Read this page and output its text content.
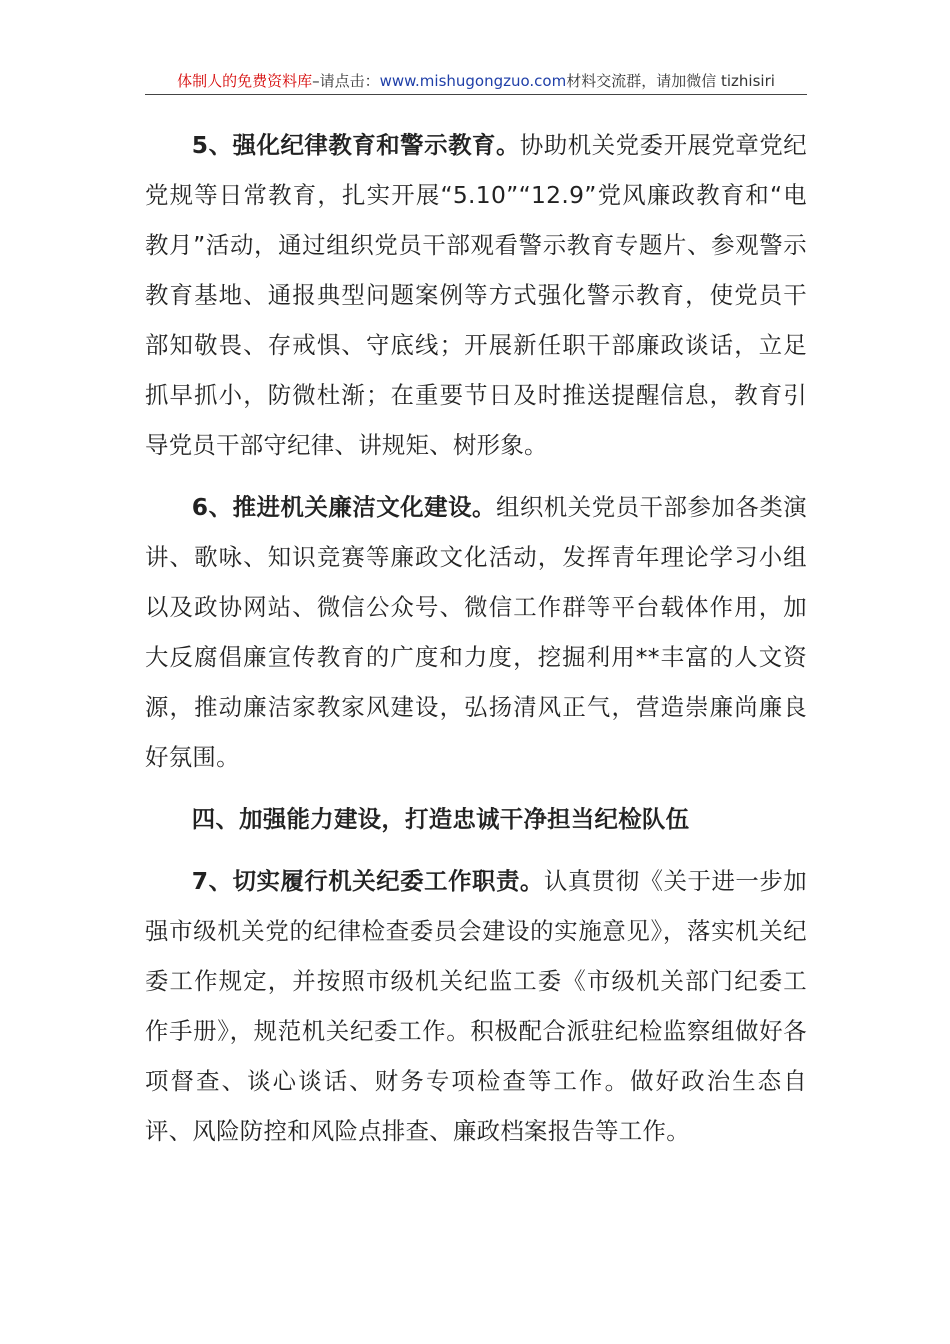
体制人的免费资料库–请点击：www.mishugongzuo.com材料交流群，请加微信 tizhisiri

5、强化纪律教育和警示教育。协助机关党委开展党章党纪党规等日常教育，扎实开展“5.10”“12.9”党风廉政教育和“电教月”活动，通过组织党员干部观看警示教育专题片、参观警示教育基地、通报典型问题案例等方式强化警示教育，使党员干部知敬畏、存戒惧、守底线；开展新任职干部廉政谈话，立足抓早抓小，防微杜渐；在重要节日及时推送提醒信息，教育引导党员干部守纪律、讲规矩、树形象。

6、推进机关廉洁文化建设。组织机关党员干部参加各类演讲、歌咏、知识竞赛等廉政文化活动，发挥青年理论学习小组以及政协网站、微信公众号、微信工作群等平台载体作用，加大反腐倡廉宣传教育的广度和力度，挖掘利用**丰富的人文资源，推动廉洁家教家风建设，弘扬清风正气，营造崇廉尚廉良好氛围。

四、加强能力建设，打造忠诚干净担当纪检队伍

7、切实履行机关纪委工作职责。认真贯彻《关于进一步加强市级机关党的纪律检查委员会建设的实施意见》，落实机关纪委工作规定，并按照市级机关纪监工委《市级机关部门纪委工作手册》，规范机关纪委工作。积极配合派驻纪检监察组做好各项督查、谈心谈话、财务专项检查等工作。做好政治生态自评、风险防控和风险点排查、廉政档案报告等工作。
